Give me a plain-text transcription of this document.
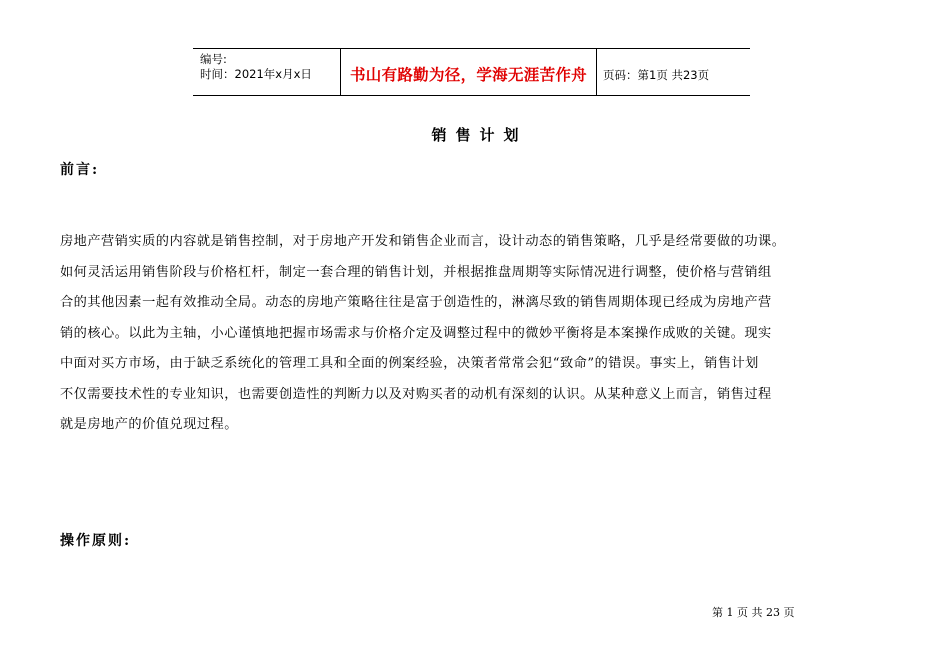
编号:
时间：2021年x月x日	书山有路勤为径，学海无涯苦作舟 页码：第1页 共23页
销售计划
前言:
房地产营销实质的内容就是销售控制，对于房地产开发和销售企业而言，设计动态的销售策略，几乎是经常要做的功课。
如何灵活运用销售阶段与价格杠杆，制定一套合理的销售计划，并根据推盘周期等实际情况进行调整，使价格与营销组
合的其他因素一起有效推动全局。动态的房地产策略往往是富于创造性的，淋漓尽致的销售周期体现已经成为房地产营
销的核心。以此为主轴，小心谨慎地把握市场需求与价格介定及调整过程中的微妙平衡将是本案操作成败的关键。现实
中面对买方市场，由于缺乏系统化的管理工具和全面的例案经验，决策者常常会犯“致命”的错误。事实上，销售计划
不仅需要技术性的专业知识，也需要创造性的判断力以及对购买者的动机有深刻的认识。从某种意义上而言，销售过程
就是房地产的价值兑现过程。
操作原则:
第 1 页 共 23 页
